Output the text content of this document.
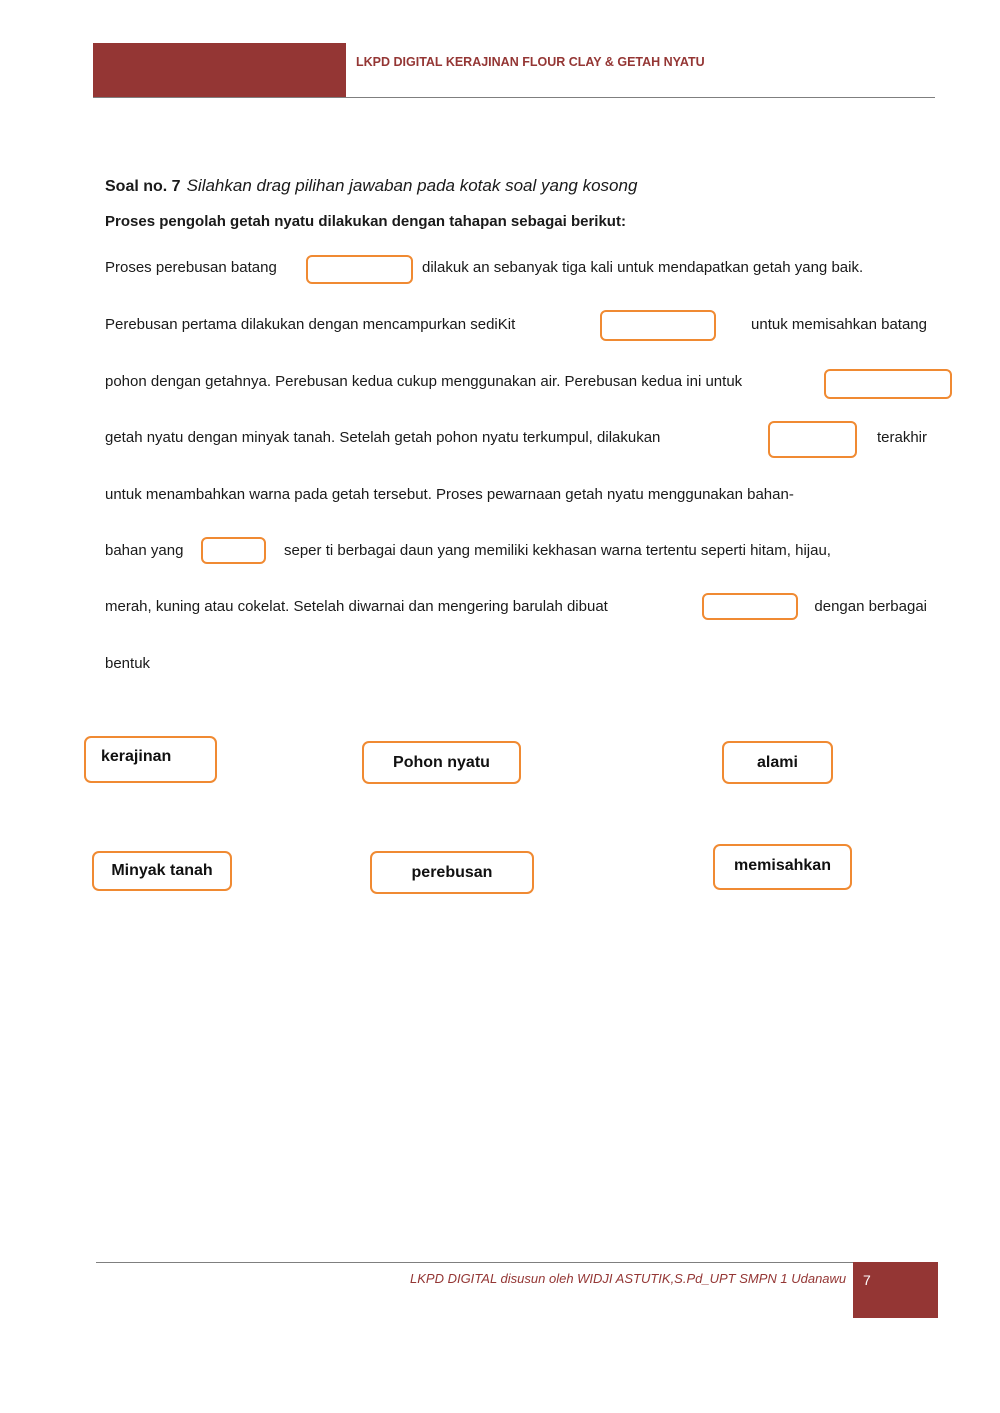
LKPD DIGITAL KERAJINAN FLOUR CLAY & GETAH NYATU
Soal no. 7 Silahkan drag pilihan jawaban pada kotak soal yang kosong
Proses pengolah getah nyatu dilakukan dengan tahapan sebagai berikut:
Proses perebusan batang	dilakuk an sebanyak tiga kali untuk mendapatkan getah yang baik.
Perebusan pertama dilakukan dengan mencampurkan sediKit	untuk memisahkan batang
pohon dengan getahnya. Perebusan kedua cukup menggunakan air. Perebusan kedua ini untuk
getah nyatu dengan minyak tanah. Setelah getah pohon nyatu terkumpul, dilakukan	terakhir
untuk menambahkan warna pada getah tersebut. Proses pewarnaan getah nyatu menggunakan bahan-
bahan yang	seper ti berbagai daun yang memiliki kekhasan warna tertentu seperti hitam, hijau,
merah, kuning atau cokelat. Setelah diwarnai dan mengering barulah dibuat	dengan berbagai
bentuk
kerajinan	Pohon nyatu	alami
Minyak tanah	perebusan	memisahkan
LKPD DIGITAL disusun oleh WIDJI ASTUTIK,S.Pd_UPT SMPN 1 Udanawu 7
